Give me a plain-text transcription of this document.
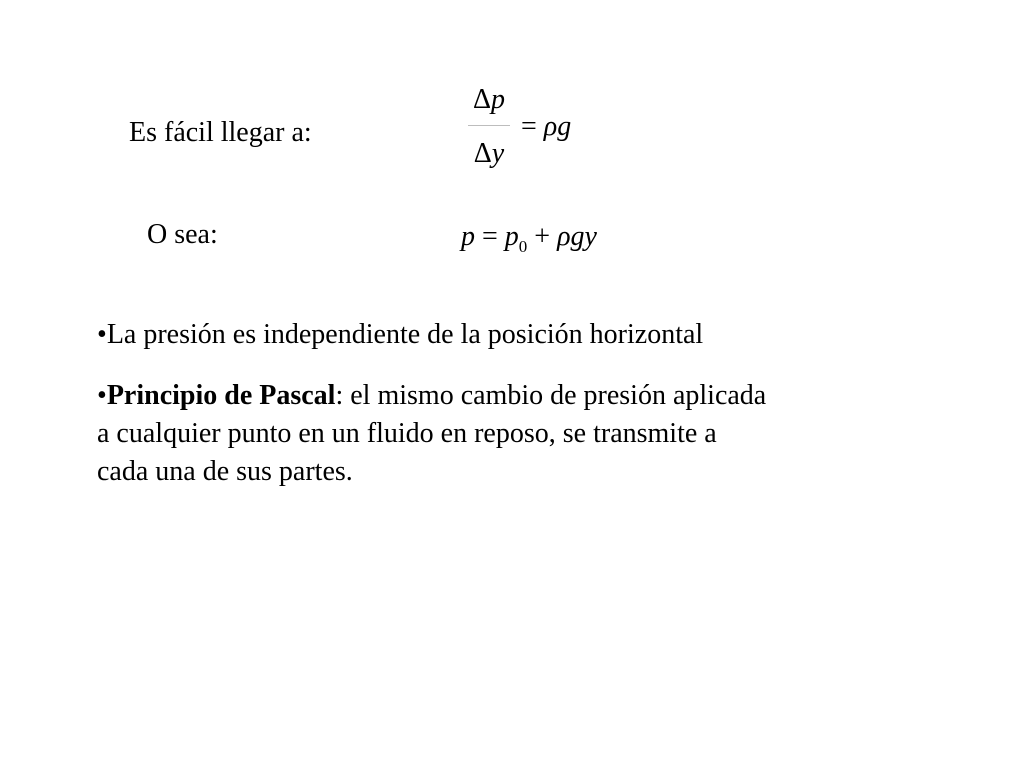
Es fácil llegar a:
Δp
Δy
= ρg
O sea:	$p = p_0 + \rho gy$
•La presión es independiente de la posición horizontal
•Principio de Pascal: el mismo cambio de presión aplicada
a cualquier punto en un fluido en reposo, se transmite a
cada una de sus partes.
